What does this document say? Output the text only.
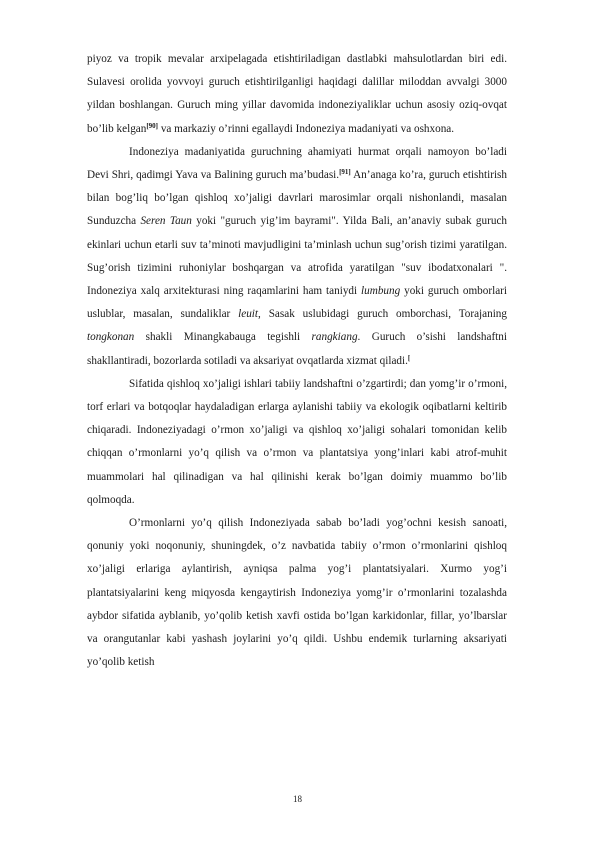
piyoz va tropik mevalar arxipelagada etishtiriladigan dastlabki mahsulotlardan biri edi. Sulavesi orolida yovvoyi guruch etishtirilganligi haqidagi dalillar miloddan avvalgi 3000 yildan boshlangan. Guruch ming yillar davomida indoneziyaliklar uchun asosiy oziq-ovqat bo’lib kelgan[90] va markaziy o’rinni egallaydi Indoneziya madaniyati va oshxona.

Indoneziya madaniyatida guruchning ahamiyati hurmat orqali namoyon bo’ladi Devi Shri, qadimgi Yava va Balining guruch ma’budasi.[91] An’anaga ko’ra, guruch etishtirish bilan bog’liq bo’lgan qishloq xo’jaligi davrlari marosimlar orqali nishonlandi, masalan Sunduzcha Seren Taun yoki "guruch yig’im bayrami". Yilda Bali, an’anaviy subak guruch ekinlari uchun etarli suv ta’minoti mavjudligini ta’minlash uchun sug’orish tizimi yaratilgan. Sug’orish tizimini ruhoniylar boshqargan va atrofida yaratilgan "suv ibodatxonalari ". Indoneziya xalq arxitekturasi ning raqamlarini ham taniydi lumbung yoki guruch omborlari uslublar, masalan, sundaliklar leuit, Sasak uslubidagi guruch omborchasi, Torajaning tongkonan shakli Minangkabauga tegishli rangkiang. Guruch o’sishi landshaftni shakllantiradi, bozorlarda sotiladi va aksariyat ovqatlarda xizmat qiladi.[

Sifatida qishloq xo’jaligi ishlari tabiiy landshaftni o’zgartirdi; dan yomg’ir o’rmoni, torf erlari va botqoqlar haydaladigan erlarga aylanishi tabiiy va ekologik oqibatlarni keltirib chiqaradi. Indoneziyadagi o’rmon xo’jaligi va qishloq xo’jaligi sohalari tomonidan kelib chiqqan o’rmonlarni yo’q qilish va o’rmon va plantatsiya yong’inlari kabi atrof-muhit muammolari hal qilinadigan va hal qilinishi kerak bo’lgan doimiy muammo bo’lib qolmoqda.

O’rmonlarni yo’q qilish Indoneziyada sabab bo’ladi yog’ochni kesish sanoati, qonuniy yoki noqonuniy, shuningdek, o’z navbatida tabiiy o’rmon o’rmonlarini qishloq xo’jaligi erlariga aylantirish, ayniqsa palma yog’i plantatsiyalari. Xurmo yog’i plantatsiyalarini keng miqyosda kengaytirish Indoneziya yomg’ir o’rmonlarini tozalashda aybdor sifatida ayblanib, yo’qolib ketish xavfi ostida bo’lgan karkidonlar, fillar, yo’lbarslar va orangutanlar kabi yashash joylarini yo’q qildi. Ushbu endemik turlarning aksariyati yo’qolib ketish

18
